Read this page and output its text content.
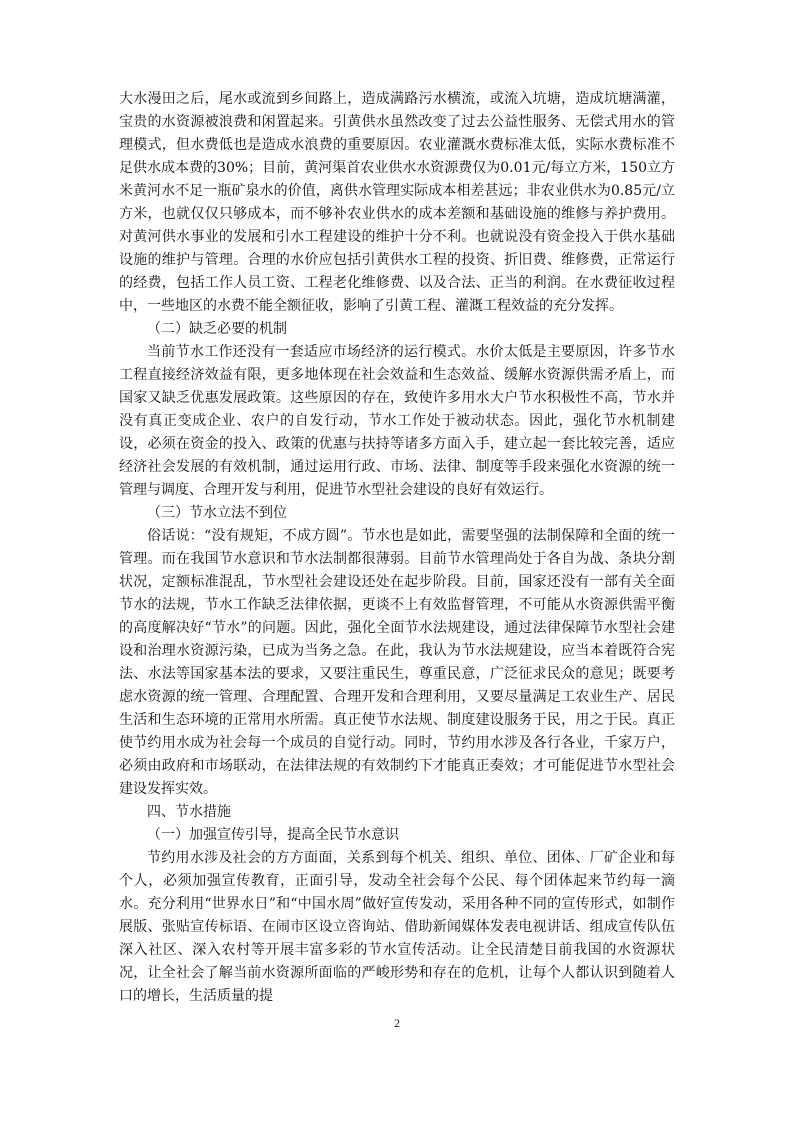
大水漫田之后，尾水或流到乡间路上，造成满路污水横流，或流入坑塘，造成坑塘满灌，宝贵的水资源被浪费和闲置起来。引黄供水虽然改变了过去公益性服务、无偿式用水的管理模式，但水费低也是造成水浪费的重要原因。农业灌溉水费标准太低，实际水费标准不足供水成本费的30%；目前，黄河渠首农业供水水资源费仅为0.01元/每立方米，150立方米黄河水不足一瓶矿泉水的价值，离供水管理实际成本相差甚远；非农业供水为0.85元/立方米，也就仅仅只够成本，而不够补农业供水的成本差额和基础设施的维修与养护费用。对黄河供水事业的发展和引水工程建设的维护十分不利。也就说没有资金投入于供水基础设施的维护与管理。合理的水价应包括引黄供水工程的投资、折旧费、维修费，正常运行的经费，包括工作人员工资、工程老化维修费、以及合法、正当的利润。在水费征收过程中，一些地区的水费不能全额征收，影响了引黄工程、灌溉工程效益的充分发挥。

（二）缺乏必要的机制

当前节水工作还没有一套适应市场经济的运行模式。水价太低是主要原因，许多节水工程直接经济效益有限，更多地体现在社会效益和生态效益、缓解水资源供需矛盾上，而国家又缺乏优惠发展政策。这些原因的存在，致使许多用水大户节水积极性不高，节水并没有真正变成企业、农户的自发行动，节水工作处于被动状态。因此，强化节水机制建设，必须在资金的投入、政策的优惠与扶持等诸多方面入手，建立起一套比较完善，适应经济社会发展的有效机制，通过运用行政、市场、法律、制度等手段来强化水资源的统一管理与调度、合理开发与利用，促进节水型社会建设的良好有效运行。

（三）节水立法不到位

俗话说：“没有规矩，不成方圆”。节水也是如此，需要坚强的法制保障和全面的统一管理。而在我国节水意识和节水法制都很薄弱。目前节水管理尚处于各自为战、条块分割状况，定额标准混乱，节水型社会建设还处在起步阶段。目前，国家还没有一部有关全面节水的法规，节水工作缺乏法律依据，更谈不上有效监督管理，不可能从水资源供需平衡的高度解决好“节水”的问题。因此，强化全面节水法规建设，通过法律保障节水型社会建设和治理水资源污染，已成为当务之急。在此，我认为节水法规建设，应当本着既符合宪法、水法等国家基本法的要求，又要注重民生，尊重民意，广泛征求民众的意见；既要考虑水资源的统一管理、合理配置、合理开发和合理利用，又要尽量满足工农业生产、居民生活和生态环境的正常用水所需。真正使节水法规、制度建设服务于民，用之于民。真正使节约用水成为社会每一个成员的自觉行动。同时，节约用水涉及各行各业，千家万户，必须由政府和市场联动，在法律法规的有效制约下才能真正奏效；才可能促进节水型社会建设发挥实效。

四、节水措施

（一）加强宣传引导，提高全民节水意识

节约用水涉及社会的方方面面，关系到每个机关、组织、单位、团体、厂矿企业和每个人，必须加强宣传教育，正面引导，发动全社会每个公民、每个团体起来节约每一滴水。充分利用“世界水日”和“中国水周”做好宣传发动，采用各种不同的宣传形式，如制作展版、张贴宣传标语、在闹市区设立咨询站、借助新闻媒体发表电视讲话、组成宣传队伍深入社区、深入农村等开展丰富多彩的节水宣传活动。让全民清楚目前我国的水资源状况，让全社会了解当前水资源所面临的严峻形势和存在的危机，让每个人都认识到随着人口的增长，生活质量的提

2
